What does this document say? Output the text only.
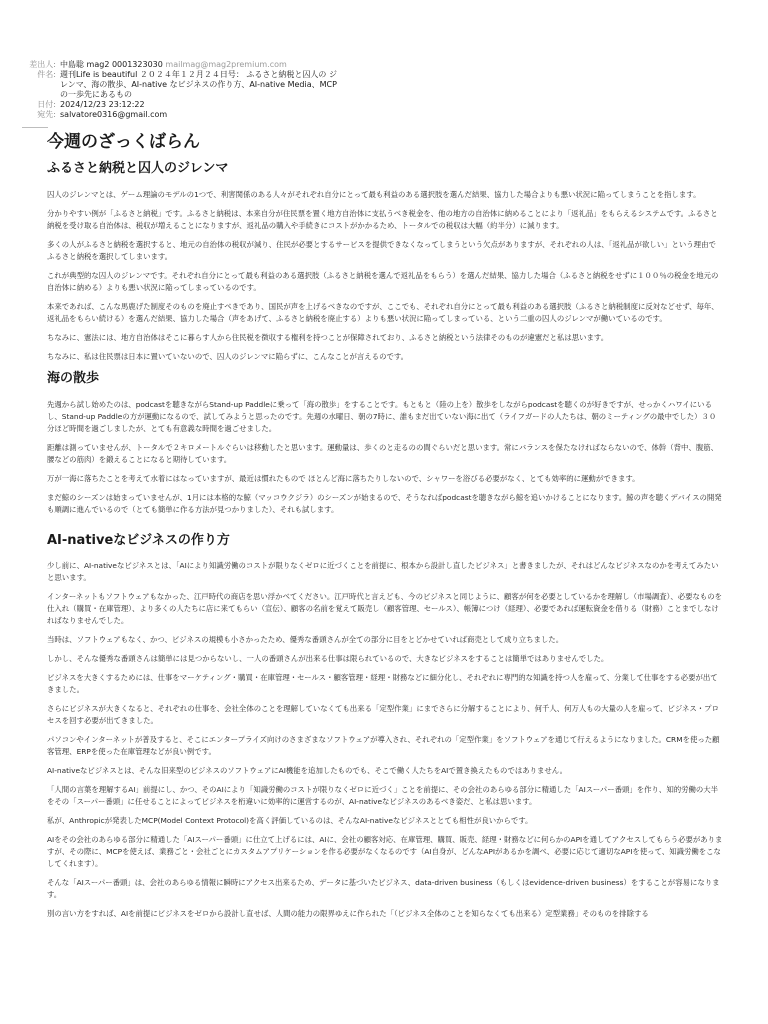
差出人: 中島聡 mag2 0001323030 mailmag@mag2premium.com
件名: 週刊Life is beautiful ２０２４年１２月２４日号： ふるさと納税と囚人の ジ
レンマ、海の散歩、AI-native なビジネスの作り方、AI-native Media、MCP
の一歩先にあるもの
日付: 2024/12/23 23:12:22
宛先: salvatore0316@gmail.com
今週のざっくばらん
ふるさと納税と囚人のジレンマ

囚人のジレンマとは、ゲーム理論のモデルの1つで、利害関係のある人々がそれぞれ自分にとって最も利益のある選択肢を選んだ結果、協力した場合よりも悪い状況に陥ってしまうことを指します。

分かりやすい例が「ふるさと納税」です。ふるさと納税は、本来自分が住民票を置く地方自治体に支払うべき税金を、他の地方の自治体に納めることにより「返礼品」をもらえるシステムです。ふるさと納税を受け取る自治体は、税収が増えることになりますが、返礼品の購入や手続きにコストがかかるため、トータルでの税収は大幅（約半分）に減ります。

多くの人がふるさと納税を選択すると、地元の自治体の税収が減り、住民が必要とするサービスを提供できなくなってしまうという欠点がありますが、それぞれの人は、「返礼品が欲しい」という理由でふるさと納税を選択してしまいます。

これが典型的な囚人のジレンマです。それぞれ自分にとって最も利益のある選択肢（ふるさと納税を選んで返礼品をもらう）を選んだ結果、協力した場合（ふるさと納税をせずに１００％の税金を地元の自治体に納める）よりも悪い状況に陥ってしまっているのです。

本来であれば、こんな馬鹿げた制度そのものを廃止すべきであり、国民が声を上げるべきなのですが、ここでも、それぞれ自分にとって最も利益のある選択肢（ふるさと納税制度に反対などせず、毎年、返礼品をもらい続ける）を選んだ結果、協力した場合（声をあげて、ふるさと納税を廃止する）よりも悪い状況に陥ってしまっている、という二重の囚人のジレンマが働いているのです。

ちなみに、憲法には、地方自治体はそこに暮らす人から住民税を徴収する権利を持つことが保障されており、ふるさと納税という法律そのものが違憲だと私は思います。

ちなみに、私は住民票は日本に置いていないので、囚人のジレンマに陥らずに、こんなことが言えるのです。

海の散歩

先週から試し始めたのは、podcastを聴きながらStand-up Paddleに乗って「海の散歩」をすることです。もともと（陸の上を）散歩をしながらpodcastを聴くのが好きですが、せっかくハワイにいるし、Stand-up Paddleの方が運動になるので、試してみようと思ったのです。先週の水曜日、朝の7時に、誰もまだ出ていない海に出て（ライフガードの人たちは、朝のミーティングの最中でした）３０分ほど時間を過ごしましたが、とても有意義な時間を過ごせました。

距離は測っていませんが、トータルで２キロメートルぐらいは移動したと思います。運動量は、歩くのと走るのの間ぐらいだと思います。常にバランスを保たなければならないので、体幹（背中、腹筋、腰などの筋肉）を鍛えることになると期待しています。

万が一海に落ちたことを考えて水着にはなっていますが、最近は慣れたもので ほとんど海に落ちたりしないので、シャワーを浴びる必要がなく、とても効率的に運動ができます。

まだ鯨のシーズンは始まっていませんが、1月には本格的な鯨（マッコウクジラ）のシーズンが始まるので、そうなればpodcastを聴きながら鯨を追いかけることになります。鯨の声を聴くデバイスの開発も順調に進んでいるので（とても簡単に作る方法が見つかりました）、それも試します。

AI-nativeなビジネスの作り方

少し前に、AI-nativeなビジネスとは、「AIにより知識労働のコストが限りなくゼロに近づくことを前提に、根本から設計し直したビジネス」と書きましたが、それはどんなビジネスなのかを考えてみたいと思います。

インターネットもソフトウェアもなかった、江戸時代の商店を思い浮かべてください。江戸時代と言えども、今のビジネスと同じように、顧客が何を必要としているかを理解し（市場調査）、必要なものを仕入れ（購買・在庫管理）、より多くの人たちに店に来てもらい（宣伝）、顧客の名前を覚えて販売し（顧客管理、セールス）、帳簿につけ（経理）、必要であれば運転資金を借りる（財務）ことまでしなければなりませんでした。

当時は、ソフトウェアもなく、かつ、ビジネスの規模も小さかったため、優秀な番頭さんが全ての部分に目をとどかせていれば商売として成り立ちました。

しかし、そんな優秀な番頭さんは簡単には見つからないし、一人の番頭さんが出来る仕事は限られているので、大きなビジネスをすることは簡単ではありませんでした。

ビジネスを大きくするためには、仕事をマーケティング・購買・在庫管理・セールス・顧客管理・経理・財務などに細分化し、それぞれに専門的な知識を持つ人を雇って、分業して仕事をする必要が出てきました。

さらにビジネスが大きくなると、それぞれの仕事を、会社全体のことを理解していなくても出来る「定型作業」にまでさらに分解することにより、何千人、何万人もの大量の人を雇って、ビジネス・プロセスを回す必要が出てきました。

パソコンやインターネットが普及すると、そこにエンタープライズ向けのさまざまなソフトウェアが導入され、それぞれの「定型作業」をソフトウェアを通じて行えるようになりました。CRMを使った顧客管理、ERPを使った在庫管理などが良い例です。

AI-nativeなビジネスとは、そんな旧来型のビジネスのソフトウェアにAI機能を追加したものでも、そこで働く人たちをAIで置き換えたものではありません。

「人間の言葉を理解するAI」前提にし、かつ、そのAIにより「知識労働のコストが限りなくゼロに近づく」ことを前提に、その会社のあらゆる部分に精通した「AIスーパー番頭」を作り、知的労働の大半をその「スーパー番頭」に任せることによってビジネスを桁違いに効率的に運営するのが、AI-nativeなビジネスのあるべき姿だ、と私は思います。

私が、Anthropicが発表したMCP(Model Context Protocol)を高く評価しているのは、そんなAI-nativeなビジネスととても相性が良いからです。

AIをその会社のあらゆる部分に精通した「AIスーパー番頭」に仕立て上げるには、AIに、会社の顧客対応、在庫管理、購買、販売、経理・財務などに何らかのAPIを通してアクセスしてもらう必要がありますが、その際に、MCPを使えば、業務ごと・会社ごとにカスタムアプリケーションを作る必要がなくなるのです（AI自身が、どんなAPIがあるかを調べ、必要に応じて適切なAPIを使って、知識労働をこなしてくれます）。

そんな「AIスーパー番頭」は、会社のあらゆる情報に瞬時にアクセス出来るため、データに基づいたビジネス、data-driven business（もしくはevidence-driven business）をすることが容易になります。

別の言い方をすれば、AIを前提にビジネスをゼロから設計し直せば、人間の能力の限界ゆえに作られた「（ビジネス全体のことを知らなくても出来る）定型業務」そのものを排除する
